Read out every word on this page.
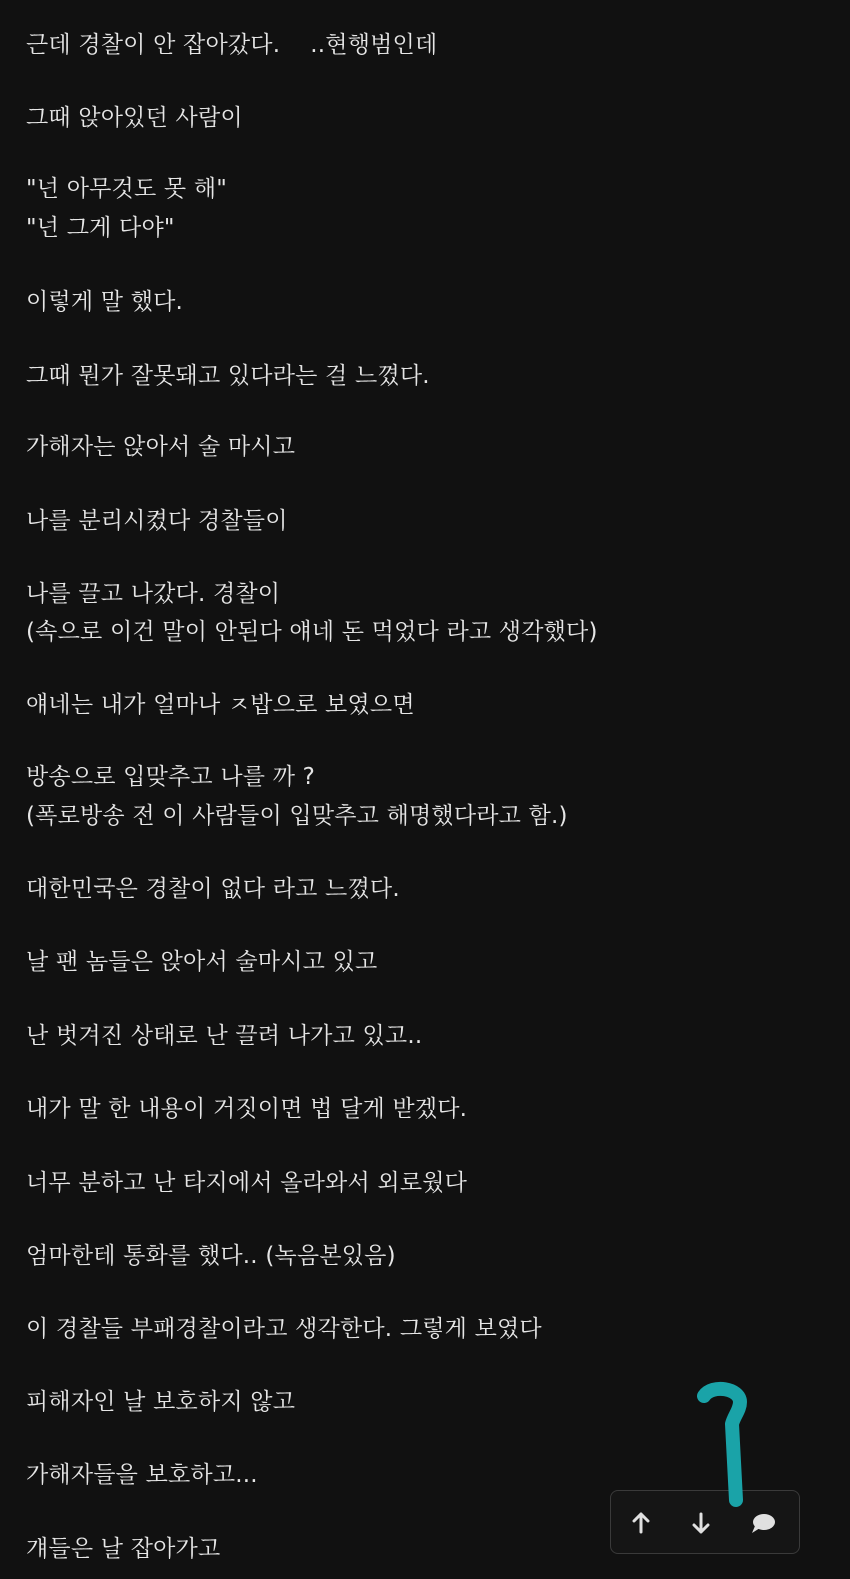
근데 경찰이 안 잡아갔다.    ..현행범인데
그때 앉아있던 사람이
"넌 아무것도 못 해"
"넌 그게 다야"
이렇게 말 했다.
그때 뭔가 잘못돼고 있다라는 걸 느꼈다.
가해자는 앉아서 술 마시고
나를 분리시켰다 경찰들이
나를 끌고 나갔다. 경찰이
(속으로 이건 말이 안된다 얘네 돈 먹었다 라고 생각했다)
얘네는 내가 얼마나 ㅈ밥으로 보였으면
방송으로 입맞추고 나를 까 ?
(폭로방송 전 이 사람들이 입맞추고 해명했다라고 함.)
대한민국은 경찰이 없다 라고 느꼈다.
날 팬 놈들은 앉아서 술마시고 있고
난 벗겨진 상태로 난 끌려 나가고 있고..
내가 말 한 내용이 거짓이면 법 달게 받겠다.
너무 분하고 난 타지에서 올라와서 외로웠다
엄마한테 통화를 했다.. (녹음본있음)
이 경찰들 부패경찰이라고 생각한다. 그렇게 보였다
피해자인 날 보호하지 않고
가해자들을 보호하고...
걔들은 날 잡아가고
